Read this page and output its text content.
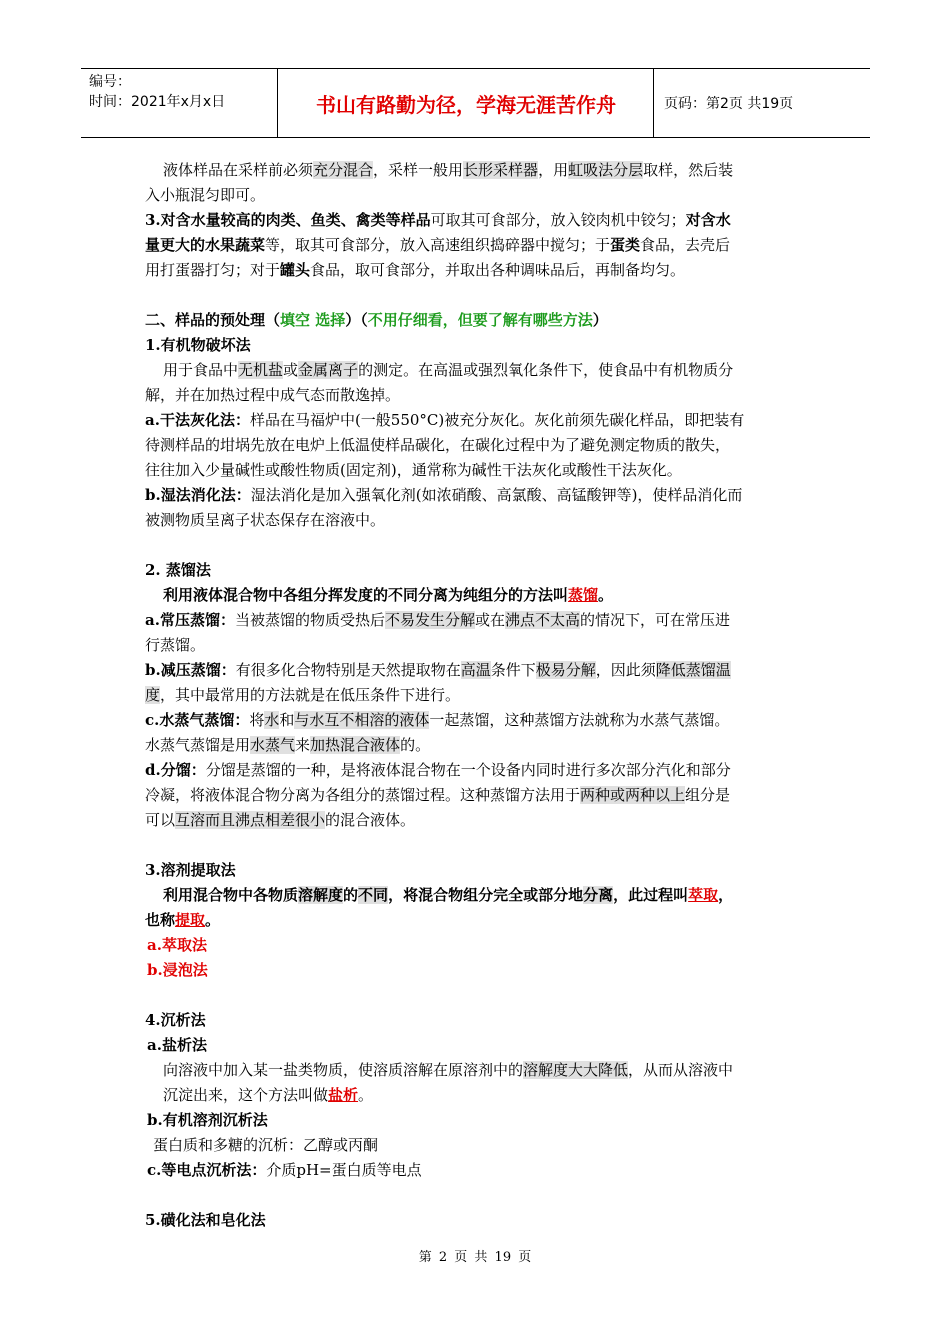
编号：
时间：2021年x月x日	书山有路勤为径，学海无涯苦作舟	页码：第2页 共19页
液体样品在采样前必须充分混合，采样一般用长形采样器，用虹吸法分层取样，然后装
入小瓶混匀即可。
3.对含水量较高的肉类、鱼类、禽类等样品可取其可食部分，放入铰肉机中铰匀；对含水
量更大的水果蔬菜等，取其可食部分，放入高速组织捣碎器中搅匀；于蛋类食品，去壳后
用打蛋器打匀；对于罐头食品，取可食部分，并取出各种调味品后，再制备均匀。
二、样品的预处理（填空 选择）（不用仔细看，但要了解有哪些方法）
1.有机物破坏法
用于食品中无机盐或金属离子的测定。在高温或强烈氧化条件下，使食品中有机物质分
解，并在加热过程中成气态而散逸掉。
a.干法灰化法：样品在马福炉中(一般550°C)被充分灰化。灰化前须先碳化样品，即把装有
待测样品的坩埚先放在电炉上低温使样品碳化，在碳化过程中为了避免测定物质的散失，
往往加入少量碱性或酸性物质(固定剂)，通常称为碱性干法灰化或酸性干法灰化。
b.湿法消化法：湿法消化是加入强氧化剂(如浓硝酸、高氯酸、高锰酸钾等)，使样品消化而
被测物质呈离子状态保存在溶液中。
2. 蒸馏法
利用液体混合物中各组分挥发度的不同分离为纯组分的方法叫蒸馏。
a.常压蒸馏：当被蒸馏的物质受热后不易发生分解或在沸点不太高的情况下，可在常压进
行蒸馏。
b.减压蒸馏：有很多化合物特别是天然提取物在高温条件下极易分解，因此须降低蒸馏温
度，其中最常用的方法就是在低压条件下进行。
c.水蒸气蒸馏：将水和与水互不相溶的液体一起蒸馏，这种蒸馏方法就称为水蒸气蒸馏。
水蒸气蒸馏是用水蒸气来加热混合液体的。
d.分馏：分馏是蒸馏的一种，是将液体混合物在一个设备内同时进行多次部分汽化和部分
冷凝，将液体混合物分离为各组分的蒸馏过程。这种蒸馏方法用于两种或两种以上组分是
可以互溶而且沸点相差很小的混合液体。
3.溶剂提取法
利用混合物中各物质溶解度的不同，将混合物组分完全或部分地分离，此过程叫萃取，
也称提取。
a.萃取法
b.浸泡法
4.沉析法
a.盐析法
向溶液中加入某一盐类物质，使溶质溶解在原溶剂中的溶解度大大降低，从而从溶液中
沉淀出来，这个方法叫做盐析。
b.有机溶剂沉析法
蛋白质和多糖的沉析：乙醇或丙酮
c.等电点沉析法：介质pH=蛋白质等电点
5.磺化法和皂化法
第 2 页 共 19 页
